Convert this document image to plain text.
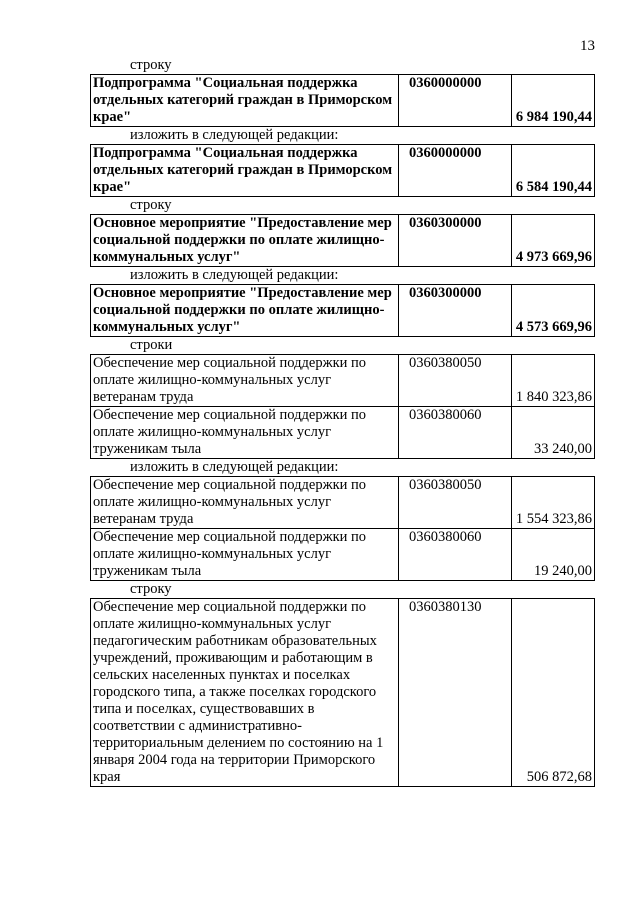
13
строку
Подпрограмма "Социальная поддержка отдельных категорий граждан в Приморском крае"	0360000000	6 984 190,44
изложить в следующей редакции:
Подпрограмма "Социальная поддержка отдельных категорий граждан в Приморском крае"	0360000000	6 584 190,44
строку
Основное мероприятие "Предоставление мер социальной поддержки по оплате жилищно-коммунальных услуг"	0360300000	4 973 669,96
изложить в следующей редакции:
Основное мероприятие "Предоставление мер социальной поддержки по оплате жилищно-коммунальных услуг"	0360300000	4 573 669,96
строки
Обеспечение мер социальной поддержки по оплате жилищно-коммунальных услуг ветеранам труда	0360380050	1 840 323,86
Обеспечение мер социальной поддержки по оплате жилищно-коммунальных услуг труженикам тыла	0360380060	33 240,00
изложить в следующей редакции:
Обеспечение мер социальной поддержки по оплате жилищно-коммунальных услуг ветеранам труда	0360380050	1 554 323,86
Обеспечение мер социальной поддержки по оплате жилищно-коммунальных услуг труженикам тыла	0360380060	19 240,00
строку
Обеспечение мер социальной поддержки по оплате жилищно-коммунальных услуг педагогическим работникам образовательных учреждений, проживающим и работающим в сельских населенных пунктах и поселках городского типа, а также поселках городского типа и поселках, существовавших в соответствии с административно-территориальным делением по состоянию на 1 января 2004 года на территории Приморского края	0360380130	506 872,68
